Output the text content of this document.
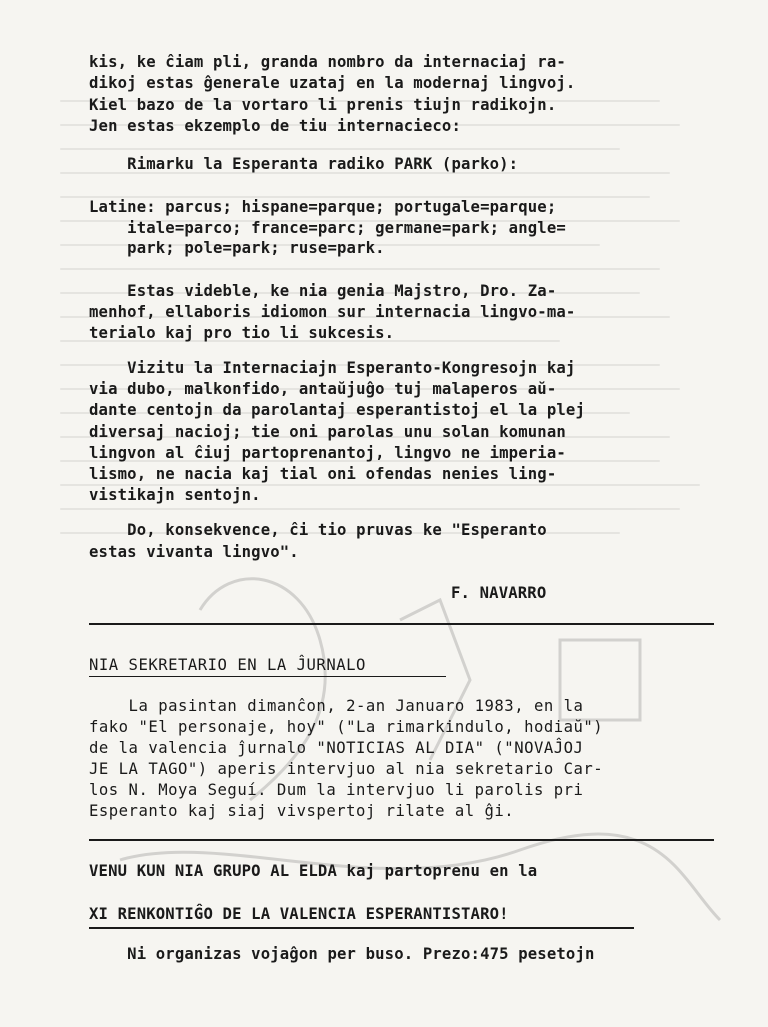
kis, ke ĉiam pli, granda nombro da internaciaj ra-
dikoj estas ĝenerale uzataj en la modernaj lingvoj.
Kiel bazo de la vortaro li prenis tiujn radikojn.
Jen estas ekzemplo de tiu internacieco:
Rimarku la Esperanta radiko PARK (parko):
Latine: parcus; hispane=parque; portugale=parque;
itale=parco; france=parc; germane=park; angle=
park; pole=park; ruse=park.
Estas videble, ke nia genia Majstro, Dro. Za-
menhof, ellaboris idiomon sur internacia lingvo-ma-
terialo kaj pro tio li sukcesis.
Vizitu la Internaciajn Esperanto-Kongresojn kaj
via dubo, malkonfido, antaŭjuĝo tuj malaperos aŭ-
dante centojn da parolantaj esperantistoj el la plej
diversaj nacioj; tie oni parolas unu solan komunan
lingvon al ĉiuj partoprenantoj, lingvo ne imperia-
lismo, ne nacia kaj tial oni ofendas nenies ling-
vistikajn sentojn.
Do, konsekvence, ĉi tio pruvas ke "Esperanto
estas vivanta lingvo".
F. NAVARRO
NIA SEKRETARIO EN LA ĴURNALO
La pasintan dimanĉon, 2-an Januaro 1983, en la
fako "El personaje, hoy" ("La rimarkindulo, hodiaŭ")
de la valencia ĵurnalo "NOTICIAS AL DIA" ("NOVAĴOJ
JE LA TAGO") aperis intervjuo al nia sekretario Car-
los N. Moya Seguí. Dum la intervjuo li parolis pri
Esperanto kaj siaj vivspertoj rilate al ĝi.
VENU KUN NIA GRUPO AL ELDA kaj partoprenu en la
XI RENKONTIĜO DE LA VALENCIA ESPERANTISTARO!
Ni organizas vojaĝon per buso. Prezo:475 pesetojn
